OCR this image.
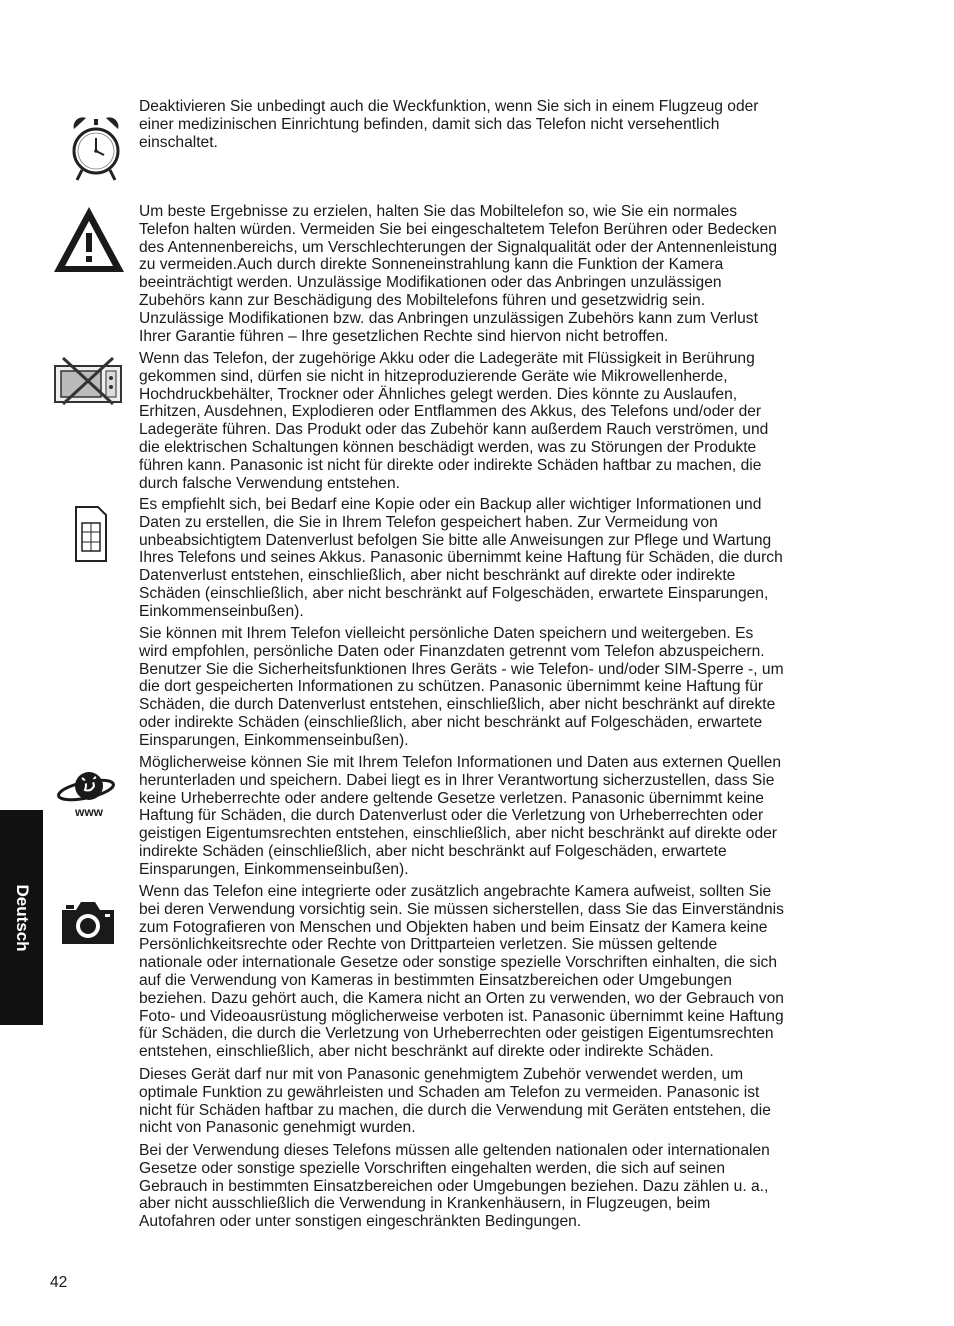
www

Deaktivieren Sie unbedingt auch die Weckfunktion, wenn Sie sich in einem Flugzeug oder
einer medizinischen Einrichtung befinden, damit sich das Telefon nicht versehentlich
einschaltet.

Um beste Ergebnisse zu erzielen, halten Sie das Mobiltelefon so, wie Sie ein normales
Telefon halten würden. Vermeiden Sie bei eingeschaltetem Telefon Berühren oder Bedecken
des Antennenbereichs, um Verschlechterungen der Signalqualität oder der Antennenleistung
zu vermeiden.Auch durch direkte Sonneneinstrahlung kann die Funktion der Kamera
beeinträchtigt werden. Unzulässige Modifikationen oder das Anbringen unzulässigen
Zubehörs kann zur Beschädigung des Mobiltelefons führen und gesetzwidrig sein.
Unzulässige Modifikationen bzw. das Anbringen unzulässigen Zubehörs kann zum Verlust
Ihrer Garantie führen – Ihre gesetzlichen Rechte sind hiervon nicht betroffen.

Wenn das Telefon, der zugehörige Akku oder die Ladegeräte mit Flüssigkeit in Berührung
gekommen sind, dürfen sie nicht in hitzeproduzierende Geräte wie Mikrowellenherde,
Hochdruckbehälter, Trockner oder Ähnliches gelegt werden. Dies könnte zu Auslaufen,
Erhitzen, Ausdehnen, Explodieren oder Entflammen des Akkus, des Telefons und/oder der
Ladegeräte führen. Das Produkt oder das Zubehör kann außerdem Rauch verströmen, und
die elektrischen Schaltungen können beschädigt werden, was zu Störungen der Produkte
führen kann. Panasonic ist nicht für direkte oder indirekte Schäden haftbar zu machen, die
durch falsche Verwendung entstehen.

Es empfiehlt sich, bei Bedarf eine Kopie oder ein Backup aller wichtiger Informationen und
Daten zu erstellen, die Sie in Ihrem Telefon gespeichert haben. Zur Vermeidung von
unbeabsichtigtem Datenverlust befolgen Sie bitte alle Anweisungen zur Pflege und Wartung
Ihres Telefons und seines Akkus. Panasonic übernimmt keine Haftung für Schäden, die durch
Datenverlust entstehen, einschließlich, aber nicht beschränkt auf direkte oder indirekte
Schäden (einschließlich, aber nicht beschränkt auf Folgeschäden, erwartete Einsparungen,
Einkommenseinbußen).

Sie können mit Ihrem Telefon vielleicht persönliche Daten speichern und weitergeben. Es
wird empfohlen, persönliche Daten oder Finanzdaten getrennt vom Telefon abzuspeichern.
Benutzer Sie die Sicherheitsfunktionen Ihres Geräts - wie Telefon- und/oder SIM-Sperre -, um
die dort gespeicherten Informationen zu schützen. Panasonic übernimmt keine Haftung für
Schäden, die durch Datenverlust entstehen, einschließlich, aber nicht beschränkt auf direkte
oder indirekte Schäden (einschließlich, aber nicht beschränkt auf Folgeschäden, erwartete
Einsparungen, Einkommenseinbußen).

Möglicherweise können Sie mit Ihrem Telefon Informationen und Daten aus externen Quellen
herunterladen und speichern. Dabei liegt es in Ihrer Verantwortung sicherzustellen, dass Sie
keine Urheberrechte oder andere geltende Gesetze verletzen. Panasonic übernimmt keine
Haftung für Schäden, die durch Datenverlust oder die Verletzung von Urheberrechten oder
geistigen Eigentumsrechten entstehen, einschließlich, aber nicht beschränkt auf direkte oder
indirekte Schäden (einschließlich, aber nicht beschränkt auf Folgeschäden, erwartete
Einsparungen, Einkommenseinbußen).

Wenn das Telefon eine integrierte oder zusätzlich angebrachte Kamera aufweist, sollten Sie
bei deren Verwendung vorsichtig sein. Sie müssen sicherstellen, dass Sie das Einverständnis
zum Fotografieren von Menschen und Objekten haben und beim Einsatz der Kamera keine
Persönlichkeitsrechte oder Rechte von Drittparteien verletzen. Sie müssen geltende
nationale oder internationale Gesetze oder sonstige spezielle Vorschriften einhalten, die sich
auf die Verwendung von Kameras in bestimmten Einsatzbereichen oder Umgebungen
beziehen. Dazu gehört auch, die Kamera nicht an Orten zu verwenden, wo der Gebrauch von
Foto- und Videoausrüstung möglicherweise verboten ist. Panasonic übernimmt keine Haftung
für Schäden, die durch die Verletzung von Urheberrechten oder geistigen Eigentumsrechten
entstehen, einschließlich, aber nicht beschränkt auf direkte oder indirekte Schäden.

Dieses Gerät darf nur mit von Panasonic genehmigtem Zubehör verwendet werden, um
optimale Funktion zu gewährleisten und Schaden am Telefon zu vermeiden. Panasonic ist
nicht für Schäden haftbar zu machen, die durch die Verwendung mit Geräten entstehen, die
nicht von Panasonic genehmigt wurden.

Bei der Verwendung dieses Telefons müssen alle geltenden nationalen oder internationalen
Gesetze oder sonstige spezielle Vorschriften eingehalten werden, die sich auf seinen
Gebrauch in bestimmten Einsatzbereichen oder Umgebungen beziehen. Dazu zählen u. a.,
aber nicht ausschließlich die Verwendung in Krankenhäusern, in Flugzeugen, beim
Autofahren oder unter sonstigen eingeschränkten Bedingungen.

Deutsch
42
